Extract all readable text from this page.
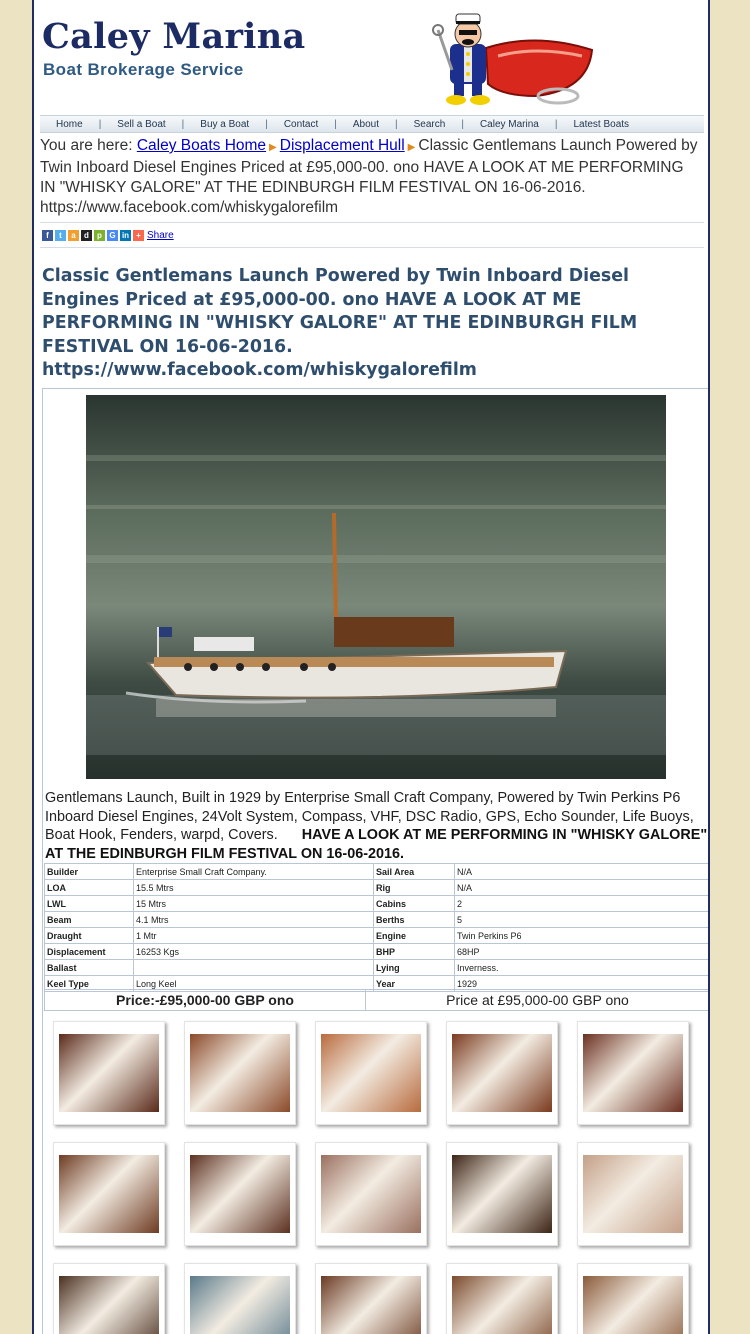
Caley Marina
Boat Brokerage Service
Home	|	Sell a Boat	|	Buy a Boat	|	Contact	|	About	|	Search	|	Caley Marina	|	Latest Boats
You are here: Caley Boats Home ▶ Displacement Hull ▶ Classic Gentlemans Launch Powered by Twin Inboard Diesel Engines Priced at £95,000-00. ono HAVE A LOOK AT ME PERFORMING IN "WHISKY GALORE" AT THE EDINBURGH FILM FESTIVAL ON 16-06-2016. https://www.facebook.com/whiskygalorefilm
f	t	a	d	p G in + Share
Classic Gentlemans Launch Powered by Twin Inboard Diesel Engines Priced at £95,000-00. ono HAVE A LOOK AT ME PERFORMING IN "WHISKY GALORE" AT THE EDINBURGH FILM FESTIVAL ON 16-06-2016. https://www.facebook.com/whiskygalorefilm
Gentlemans Launch, Built in 1929 by Enterprise Small Craft Company, Powered by Twin Perkins P6 Inboard Diesel Engines, 24Volt System, Compass, VHF, DSC Radio, GPS, Echo Sounder, Life Buoys, Boat Hook, Fenders, warpd, Covers. HAVE A LOOK AT ME PERFORMING IN "WHISKY GALORE" AT THE EDINBURGH FILM FESTIVAL ON 16-06-2016.
Builder	Enterprise Small Craft Company.	Sail Area	N/A
LOA	15.5 Mtrs	Rig	N/A
LWL	15 Mtrs	Cabins	2
Beam	4.1 Mtrs	Berths	5
Draught	1 Mtr	Engine	Twin Perkins P6
Displacement	16253 Kgs	BHP	68HP
Ballast		Lying	Inverness.
Keel Type	Long Keel	Year	1929
Price:-£95,000-00 GBP ono	Price at £95,000-00 GBP ono
